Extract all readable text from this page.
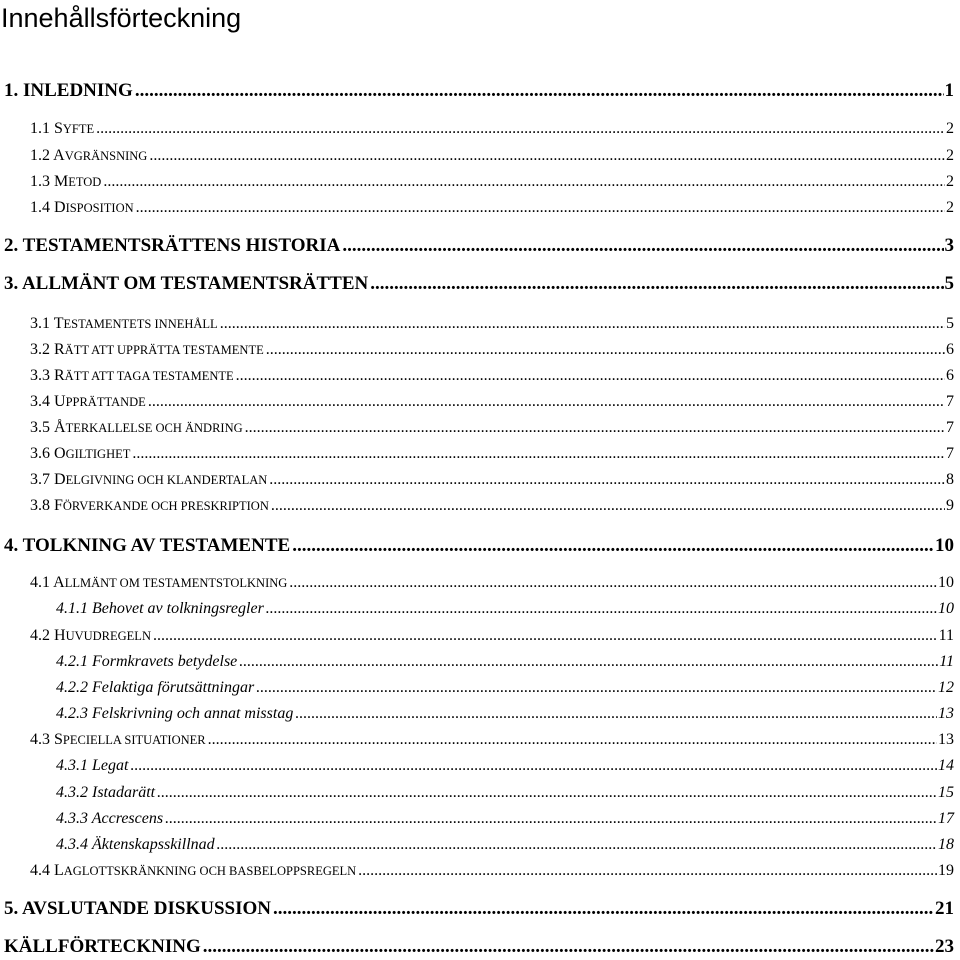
Innehållsförteckning
1. INLEDNING .....	1
1.1 SYFTE .....	2
1.2 AVGRÄNSNING .....	2
1.3 METOD .....	2
1.4 DISPOSITION .....	2
2. TESTAMENTSRÄTTENS HISTORIA .....	3
3. ALLMÄNT OM TESTAMENTSRÄTTEN .....	5
3.1 TESTAMENTETS INNEHÅLL .....	5
3.2 RÄTT ATT UPPRÄTTA TESTAMENTE .....	6
3.3 RÄTT ATT TAGA TESTAMENTE .....	6
3.4 UPPRÄTTANDE .....	7
3.5 ÅTERKALLELSE OCH ÄNDRING .....	7
3.6 OGILTIGHET .....	7
3.7 DELGIVNING OCH KLANDERTALAN .....	8
3.8 FÖRVERKANDE OCH PRESKRIPTION .....	9
4. TOLKNING AV TESTAMENTE .....	10
4.1 ALLMÄNT OM TESTAMENTSTOLKNING .....	10
4.1.1 Behovet av tolkningsregler .....	10
4.2 HUVUDREGELN .....	11
4.2.1 Formkravets betydelse .....	11
4.2.2 Felaktiga förutsättningar .....	12
4.2.3 Felskrivning och annat misstag .....	13
4.3 SPECIELLA SITUATIONER .....	13
4.3.1 Legat .....	14
4.3.2 Istadarätt .....	15
4.3.3 Accrescens .....	17
4.3.4 Äktenskapsskillnad .....	18
4.4 LAGLOTTSKRÄNKNING OCH BASBELOPPSREGELN .....	19
5. AVSLUTANDE DISKUSSION .....	21
KÄLLFÖRTECKNING .....	23
